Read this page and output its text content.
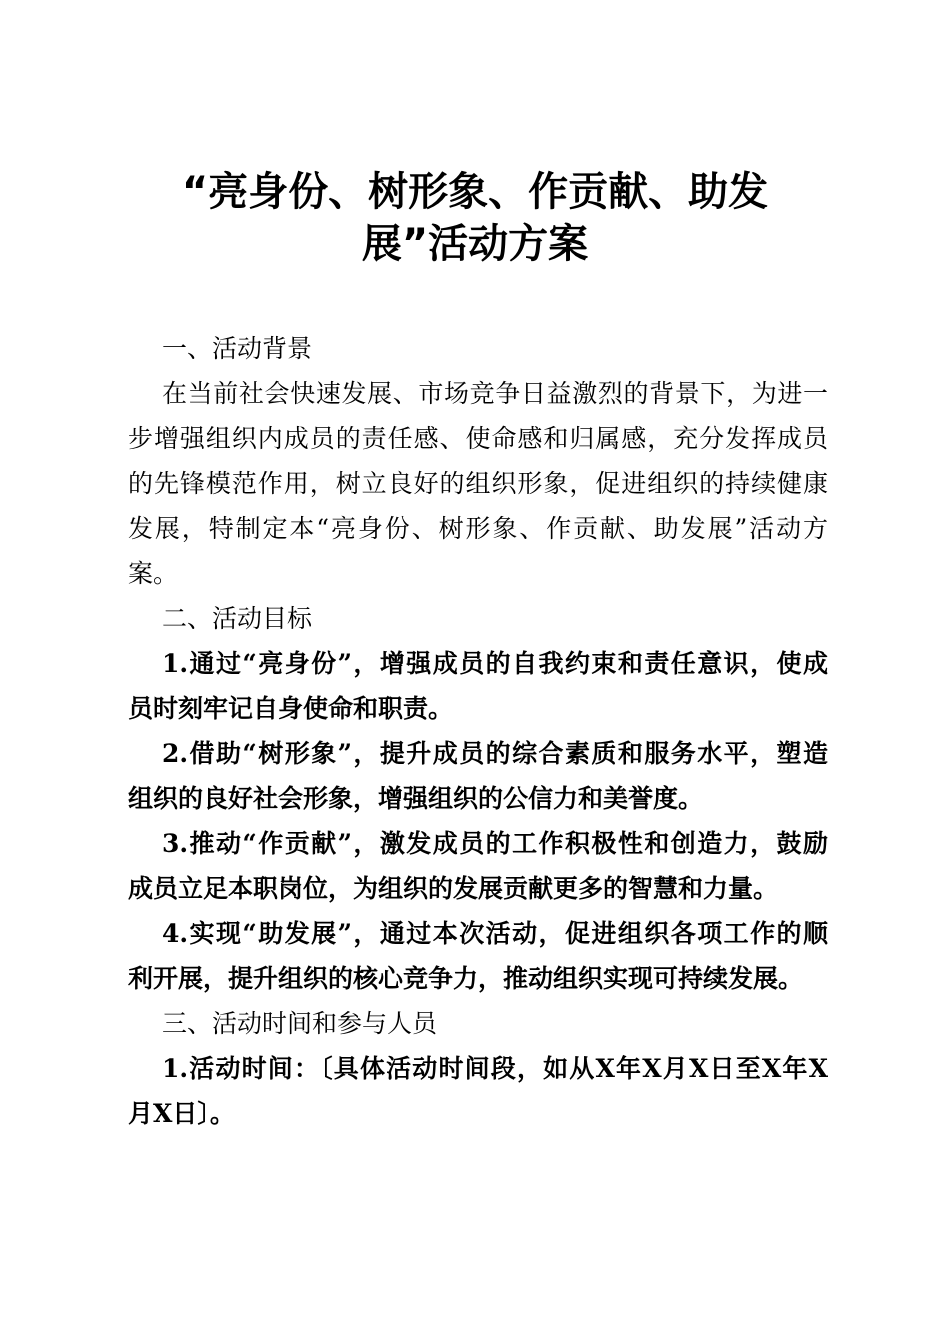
“亮身份、树形象、作贡献、助发
展”活动方案
一、活动背景
在当前社会快速发展、市场竞争日益激烈的背景下，为进一
步增强组织内成员的责任感、使命感和归属感，充分发挥成员
的先锋模范作用，树立良好的组织形象，促进组织的持续健康
发展，特制定本“亮身份、树形象、作贡献、助发展”活动方
案。
二、活动目标
1.通过“亮身份”，增强成员的自我约束和责任意识，使成
员时刻牢记自身使命和职责。
2.借助“树形象”，提升成员的综合素质和服务水平，塑造
组织的良好社会形象，增强组织的公信力和美誉度。
3.推动“作贡献”，激发成员的工作积极性和创造力，鼓励
成员立足本职岗位，为组织的发展贡献更多的智慧和力量。
4.实现“助发展”，通过本次活动，促进组织各项工作的顺
利开展，提升组织的核心竞争力，推动组织实现可持续发展。
三、活动时间和参与人员
1.活动时间：〔具体活动时间段，如从X年X月X日至X年X
月X日〕。
